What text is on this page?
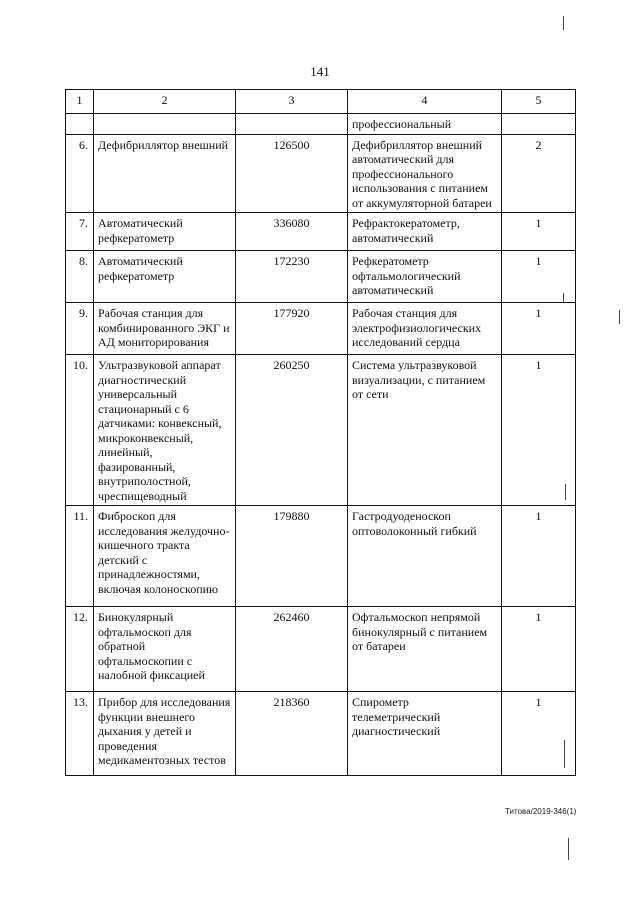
141
1	2	3	4	5
			профессиональный	
6.	Дефибриллятор внешний	126500	Дефибриллятор внешний автоматический для профессионального использования с питанием от аккумуляторной батареи	2
7.	Автоматический рефкератометр	336080	Рефрактокератометр, автоматический	1
8.	Автоматический рефкератометр	172230	Рефкератометр офтальмологический автоматический	1
9.	Рабочая станция для комбинированного ЭКГ и АД мониторирования	177920	Рабочая станция для электрофизиологических исследований сердца	1
10.	Ультразвуковой аппарат диагностический универсальный стационарный с 6 датчиками: конвексный, микроконвексный, линейный, фазированный, внутриполостной, чреспищеводный	260250	Система ультразвуковой визуализации, с питанием от сети	1
11.	Фиброскоп для исследования желудочно-кишечного тракта детский с принадлежностями, включая колоноскопию	179880	Гастродуоденоскоп оптоволоконный гибкий	1
12.	Бинокулярный офтальмоскоп для обратной офтальмоскопии с налобной фиксацией	262460	Офтальмоскоп непрямой бинокулярный с питанием от батареи	1
13.	Прибор для исследования функции внешнего дыхания у детей и проведения медикаментозных тестов	218360	Спирометр телеметрический диагностический	1
Титова/2019-346(1)
